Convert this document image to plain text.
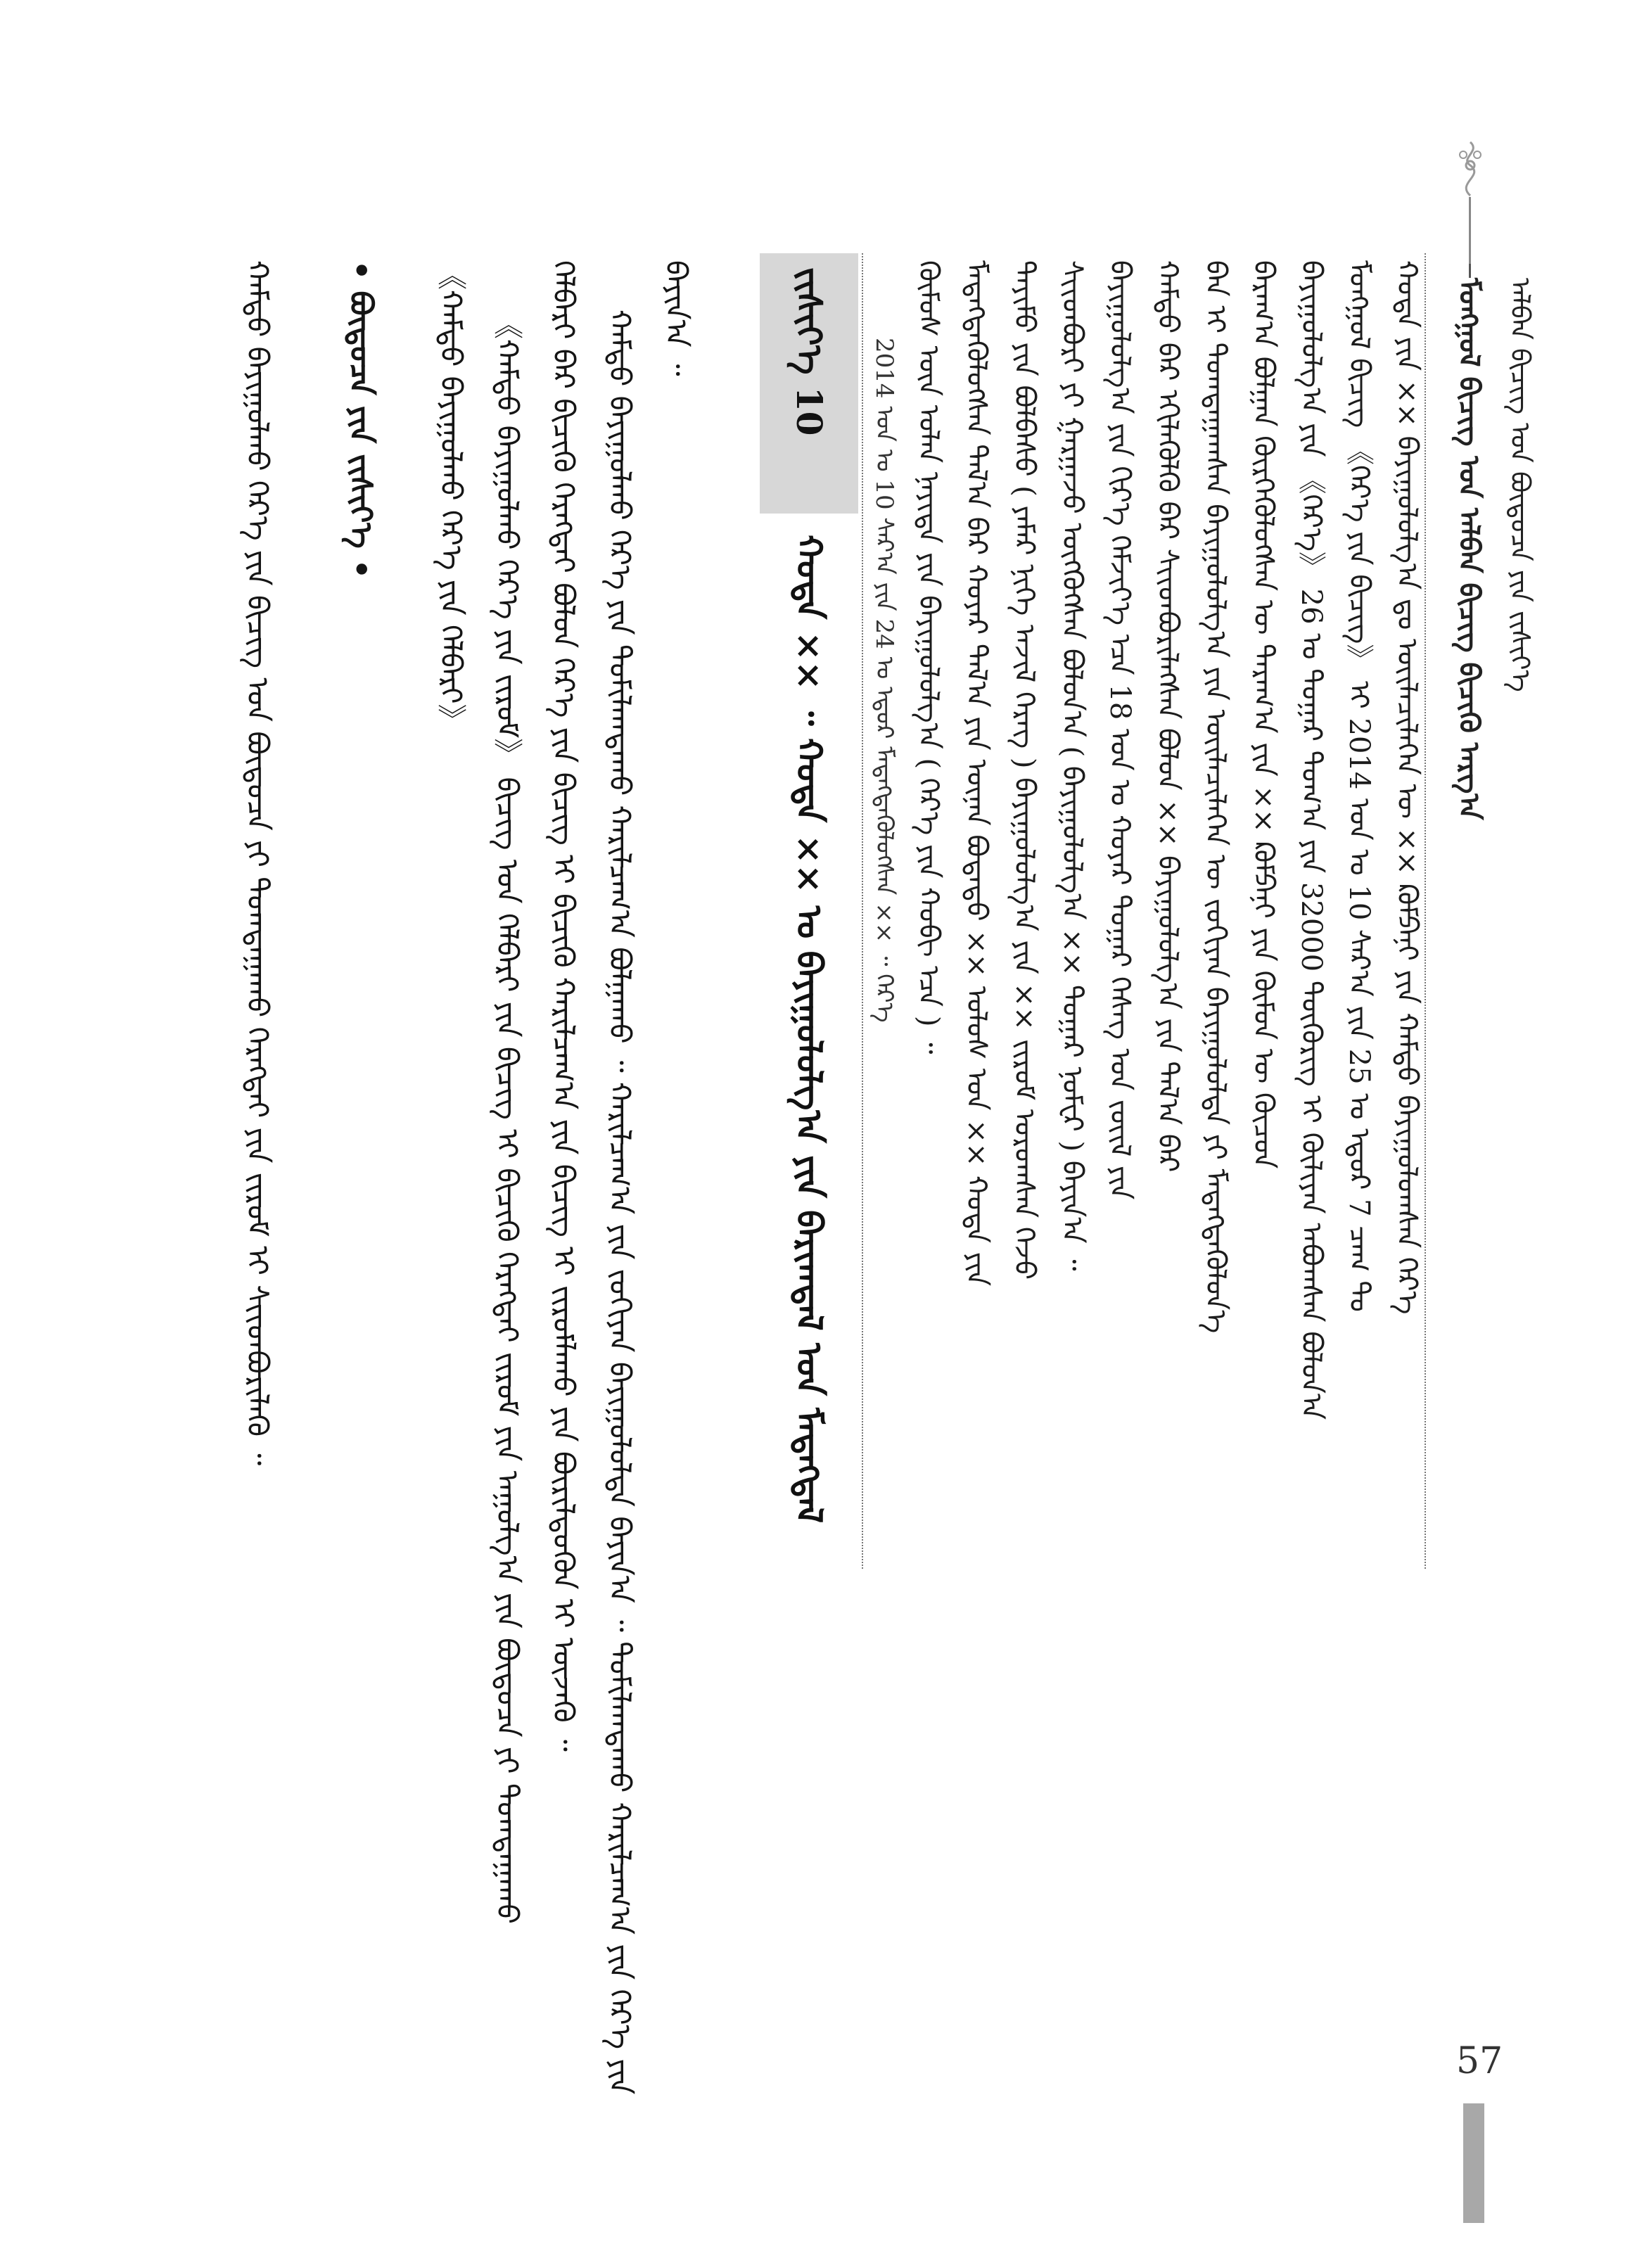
ᠮᠣᠩᠭᠣᠯ ᠪᠢᠴᠢᠭ ᠤᠨ ᠠᠯᠪᠠᠨ ᠪᠢᠴᠢᠭ ᠪᠢᠴᠢᠬᠦ ᠠᠷᠭ᠎ᠠ ᠠᠯᠪᠠᠨ ᠪᠢᠴᠢᠭ ᠤᠨ ᠪᠦᠲᠦᠴᠡ ᠶᠢᠨ ᠵᠢᠱᠢᠶ᠎ᠡ
ᠬᠣᠲᠠ ᠶᠢᠨ ×× ᠪᠠᠶᠢᠭᠤᠯᠤᠯᠭ᠎ᠠ ᠳᠤ ᠦᠢᠯᠡᠴᠢᠯᠡᠭᠡᠨ ᠦ ×× ᠺᠣᠮᠫᠠᠨᠢ ᠶᠢᠨ ᠬᠠᠮᠲᠤ ᠪᠠᠶᠢᠭᠤᠯᠤᠭᠰᠠᠨ ᠭᠡᠷ᠎ᠡ
ᠮᠣᠩᠭᠣᠯ ᠪᠢᠴᠢᠭ 《ᠭᠡᠷ᠎ᠡ ᠶᠢᠨ ᠪᠢᠴᠢᠭ》 ᠢ 2014 ᠣᠨ ᠤ 10 ᠰᠠᠷ᠎ᠠ ᠶᠢᠨ 25 ᠤ ᠡᠳᠦᠷ 7 ᠴᠠᠭ ᠲᠤ
ᠪᠠᠶᠢᠭᠤᠯᠤᠯᠭ᠎ᠠ ᠶᠢᠨ 《ᠭᠡᠷ᠎ᠡ》 26 ᠤ ᠳᠤᠭᠠᠷ ᠲᠣᠭ᠎ᠠ ᠶᠢᠨ 32000 ᠲᠥᠭᠦᠷᠢᠭ ᠢ ᠬᠦᠯᠢᠶᠡᠨ ᠠᠪᠤᠭᠰᠠᠨ ᠪᠣᠯᠣᠨ᠎ᠠ
ᠪᠠᠷᠠᠭ᠎ᠠ ᠪᠣᠯᠭᠠᠨ ᠬᠦᠷᠭᠡᠭᠦᠯᠦᠭᠰᠡᠨ ᠦ ᠳᠠᠷᠠᠭ᠎ᠠ ᠶᠢᠨ ×× ᠺᠣᠮᠫᠠᠨᠢ ᠶᠢᠨ ᠬᠦᠮᠦᠨ ᠦ ᠬᠦᠴᠦᠨ
ᠪᠡᠨ ᠢ ᠲᠣᠭᠲᠠᠭᠠᠭᠰᠠᠨ ᠪᠠᠶᠢᠭᠤᠯᠤᠯᠭ᠎ᠠ ᠶᠢᠨ ᠦᠢᠯᠡᠴᠢᠯᠡᠭᠡᠨ ᠦ ᠵᠣᠬᠢᠶᠠᠨ ᠪᠠᠶᠢᠭᠤᠯᠤᠯᠲᠠ ᠶᠢ ᠮᠡᠳᠡᠭᠳᠡᠭᠦᠯᠦᠨ᠎ᠡ
ᠬᠠᠮᠲᠤ ᠪᠡᠷ ᠡᠬᠢᠯᠡᠭᠦᠯᠬᠦ ᠪᠠᠷ ᠰᠢᠢᠳᠪᠦᠷᠢᠯᠡᠭᠰᠡᠨ ᠪᠣᠯᠤᠨ ×× ᠪᠠᠶᠢᠭᠤᠯᠤᠯᠭ᠎ᠠ ᠶᠢᠨ ᠲᠠᠯ᠎ᠠ ᠪᠠᠷ
ᠪᠠᠶᠢᠭᠤᠯᠤᠯᠭ᠎ᠠ ᠶᠢᠨ ᠬᠢᠷ᠎ᠡ ᠬᠡᠮᠵᠢᠶ᠎ᠡ ᠡᠴᠡ 18 ᠣᠨ ᠤ ᠬᠣᠶᠠᠷ ᠳᠤᠭᠠᠷ ᠬᠡᠰᠡᠭ ᠤᠨ ᠵᠦᠢᠯ ᠶᠢᠨ
ᠰᠢᠢᠳᠪᠦᠷᠢ ᠶᠢ ᠭᠠᠷᠭᠠᠵᠤ ᠦᠭᠭᠦᠭᠰᠡᠨ ᠪᠣᠯᠣᠨ᠎ᠠ ( ᠪᠠᠶᠢᠭᠤᠯᠤᠯᠭ᠎ᠠ ×× ᠳᠤᠭᠠᠷ ᠨᠣᠮᠧᠷ ) ᠪᠠᠶᠢᠨ᠎ᠠ ᠃
ᠲᠡᠶᠢᠮᠦ ᠶᠢᠨ ᠪᠣᠯᠪᠠᠰᠤ ( ᠶᠠᠮᠠᠷ ᠨᠢᠭᠡ ᠠᠵᠢᠯ ᠬᠡᠷᠡᠭ ) ᠪᠠᠶᠢᠭᠤᠯᠤᠯᠭ᠎ᠠ ᠶᠢᠨ ×× ᠵᠢᠷᠤᠮ ᠣᠷᠤᠭᠰᠠᠨ ᠭᠡᠵᠦ
ᠮᠡᠳᠡᠭᠳᠡᠭᠦᠯᠦᠭᠰᠡᠨ ᠲᠠᠯ᠎ᠠ ᠪᠠᠷ ᠬᠣᠶᠠᠷ ᠲᠠᠯ᠎ᠠ ᠶᠢᠨ ᠦᠨᠡᠨ ᠪᠣᠳᠠᠲᠤ ×× ᠤᠯᠤᠰ ᠤᠨ ×× ᠬᠣᠲᠠ ᠶᠢᠨ
ᠬᠦᠮᠦᠰ ᠦᠨ ᠣᠯᠠᠨ ᠨᠡᠶᠢᠲᠡ ᠶᠢᠨ ᠪᠠᠶᠢᠭᠤᠯᠤᠯᠭ᠎ᠠ ( ᠭᠡᠷ᠎ᠡ ᠶᠢᠨ ᠬᠤᠪᠢ ᠡᠴᠡ ) ᠃
2014 ᠣᠨ ᠤ 10 ᠰᠠᠷ᠎ᠠ ᠶᠢᠨ 24 ᠤ ᠡᠳᠦᠷ ᠮᠡᠳᠡᠭᠳᠡᠭᠦᠯᠦᠭᠰᠡᠨ ×× ᠃ ᠭᠡᠷ᠎ᠡ
ᠵᠢᠱᠢᠶ᠎ᠡ 10
ᠬᠣᠲᠠ ×× ᠃ ᠬᠣᠲᠠ ×× ᠤ ᠪᠠᠶᠢᠭᠤᠯᠤᠯᠭ᠎ᠠ ᠶᠢᠨ ᠪᠠᠷᠢᠭᠳᠠᠯ ᠤᠨ ᠮᠡᠳᠡᠭᠳᠡᠯ
ᠪᠠᠶᠢᠨ᠎ᠠ ᠃
ᠬᠠᠮᠲᠤ ᠪᠠᠶᠢᠭᠤᠯᠬᠤ ᠭᠡᠷ᠎ᠡ ᠶᠢᠨ ᠲᠣᠮᠢᠯᠠᠭᠳᠠᠬᠤ ᠬᠠᠷᠢᠯᠴᠠᠭ᠎ᠠ ᠪᠣᠯᠭᠠᠬᠤ ᠃ ᠬᠠᠷᠢᠯᠴᠠᠭ᠎ᠠ ᠶᠢᠨ ᠵᠣᠬᠢᠶᠠᠨ ᠪᠠᠶᠢᠭᠤᠯᠤᠯᠲᠠ ᠪᠠᠶᠢᠨ᠎ᠠ ᠃ ᠲᠣᠮᠢᠯᠠᠭᠳᠠᠬᠤ ᠬᠠᠷᠢᠯᠴᠠᠭ᠎ᠠ ᠶᠢᠨ ᠭᠡᠷ᠎ᠡ ᠶᠢᠨ
ᠬᠡᠯᠪᠡᠷᠢ ᠪᠠᠷ ᠪᠢᠴᠢᠬᠦ ᠬᠡᠷᠡᠭᠲᠡᠢ ᠪᠣᠯᠣᠨ ᠭᠡᠷ᠎ᠡ ᠶᠢᠨ ᠪᠢᠴᠢᠭ ᠢ ᠪᠢᠴᠢᠬᠦ ᠬᠠᠷᠢᠯᠴᠠᠭ᠎ᠠ ᠶᠢᠨ ᠪᠢᠴᠢᠭ ᠢ ᠵᠢᠷᠤᠮᠯᠠᠬᠤ ᠶᠢᠨ ᠪᠦᠷᠢᠯᠳᠦᠭᠦᠨ ᠢ ᠦᠵᠡᠬᠦ ᠃
《ᠬᠠᠮᠲᠤ ᠪᠠᠶᠢᠭᠤᠯᠬᠤ ᠭᠡᠷ᠎ᠡ ᠶᠢᠨ ᠵᠢᠷᠤᠮ》 ᠪᠢᠴᠢᠭ ᠤᠨ ᠬᠡᠯᠪᠡᠷᠢ ᠶᠢᠨ ᠪᠢᠴᠢᠭ ᠢ ᠪᠢᠴᠢᠬᠦ ᠬᠡᠷᠡᠭᠲᠡᠢ ᠵᠢᠷᠤᠮ ᠶᠢᠨ ᠠᠭᠤᠯᠭ᠎ᠠ ᠶᠢᠨ ᠪᠦᠲᠦᠴᠡ ᠶᠢ ᠲᠣᠭᠲᠠᠭᠠᠬᠤ
《ᠬᠠᠮᠲᠤ ᠪᠠᠶᠢᠭᠤᠯᠬᠤ ᠭᠡᠷ᠎ᠡ ᠶᠢᠨ ᠬᠡᠯᠪᠡᠷᠢ》
• ᠪᠦᠲᠦᠴᠡ ᠶᠢᠨ ᠵᠢᠱᠢᠶ᠎ᠡ •
ᠬᠠᠮᠲᠤ ᠪᠠᠶᠢᠭᠤᠯᠬᠤ ᠭᠡᠷ᠎ᠡ ᠶᠢᠨ ᠪᠢᠴᠢᠭ ᠤᠨ ᠪᠦᠲᠦᠴᠡ ᠶᠢ ᠲᠣᠭᠲᠠᠭᠠᠬᠤ ᠬᠡᠷᠡᠭᠲᠡᠢ ᠶᠢᠨ ᠵᠢᠷᠤᠮ ᠢ ᠰᠢᠢᠳᠪᠦᠷᠢᠯᠡᠬᠦ ᠃
57
